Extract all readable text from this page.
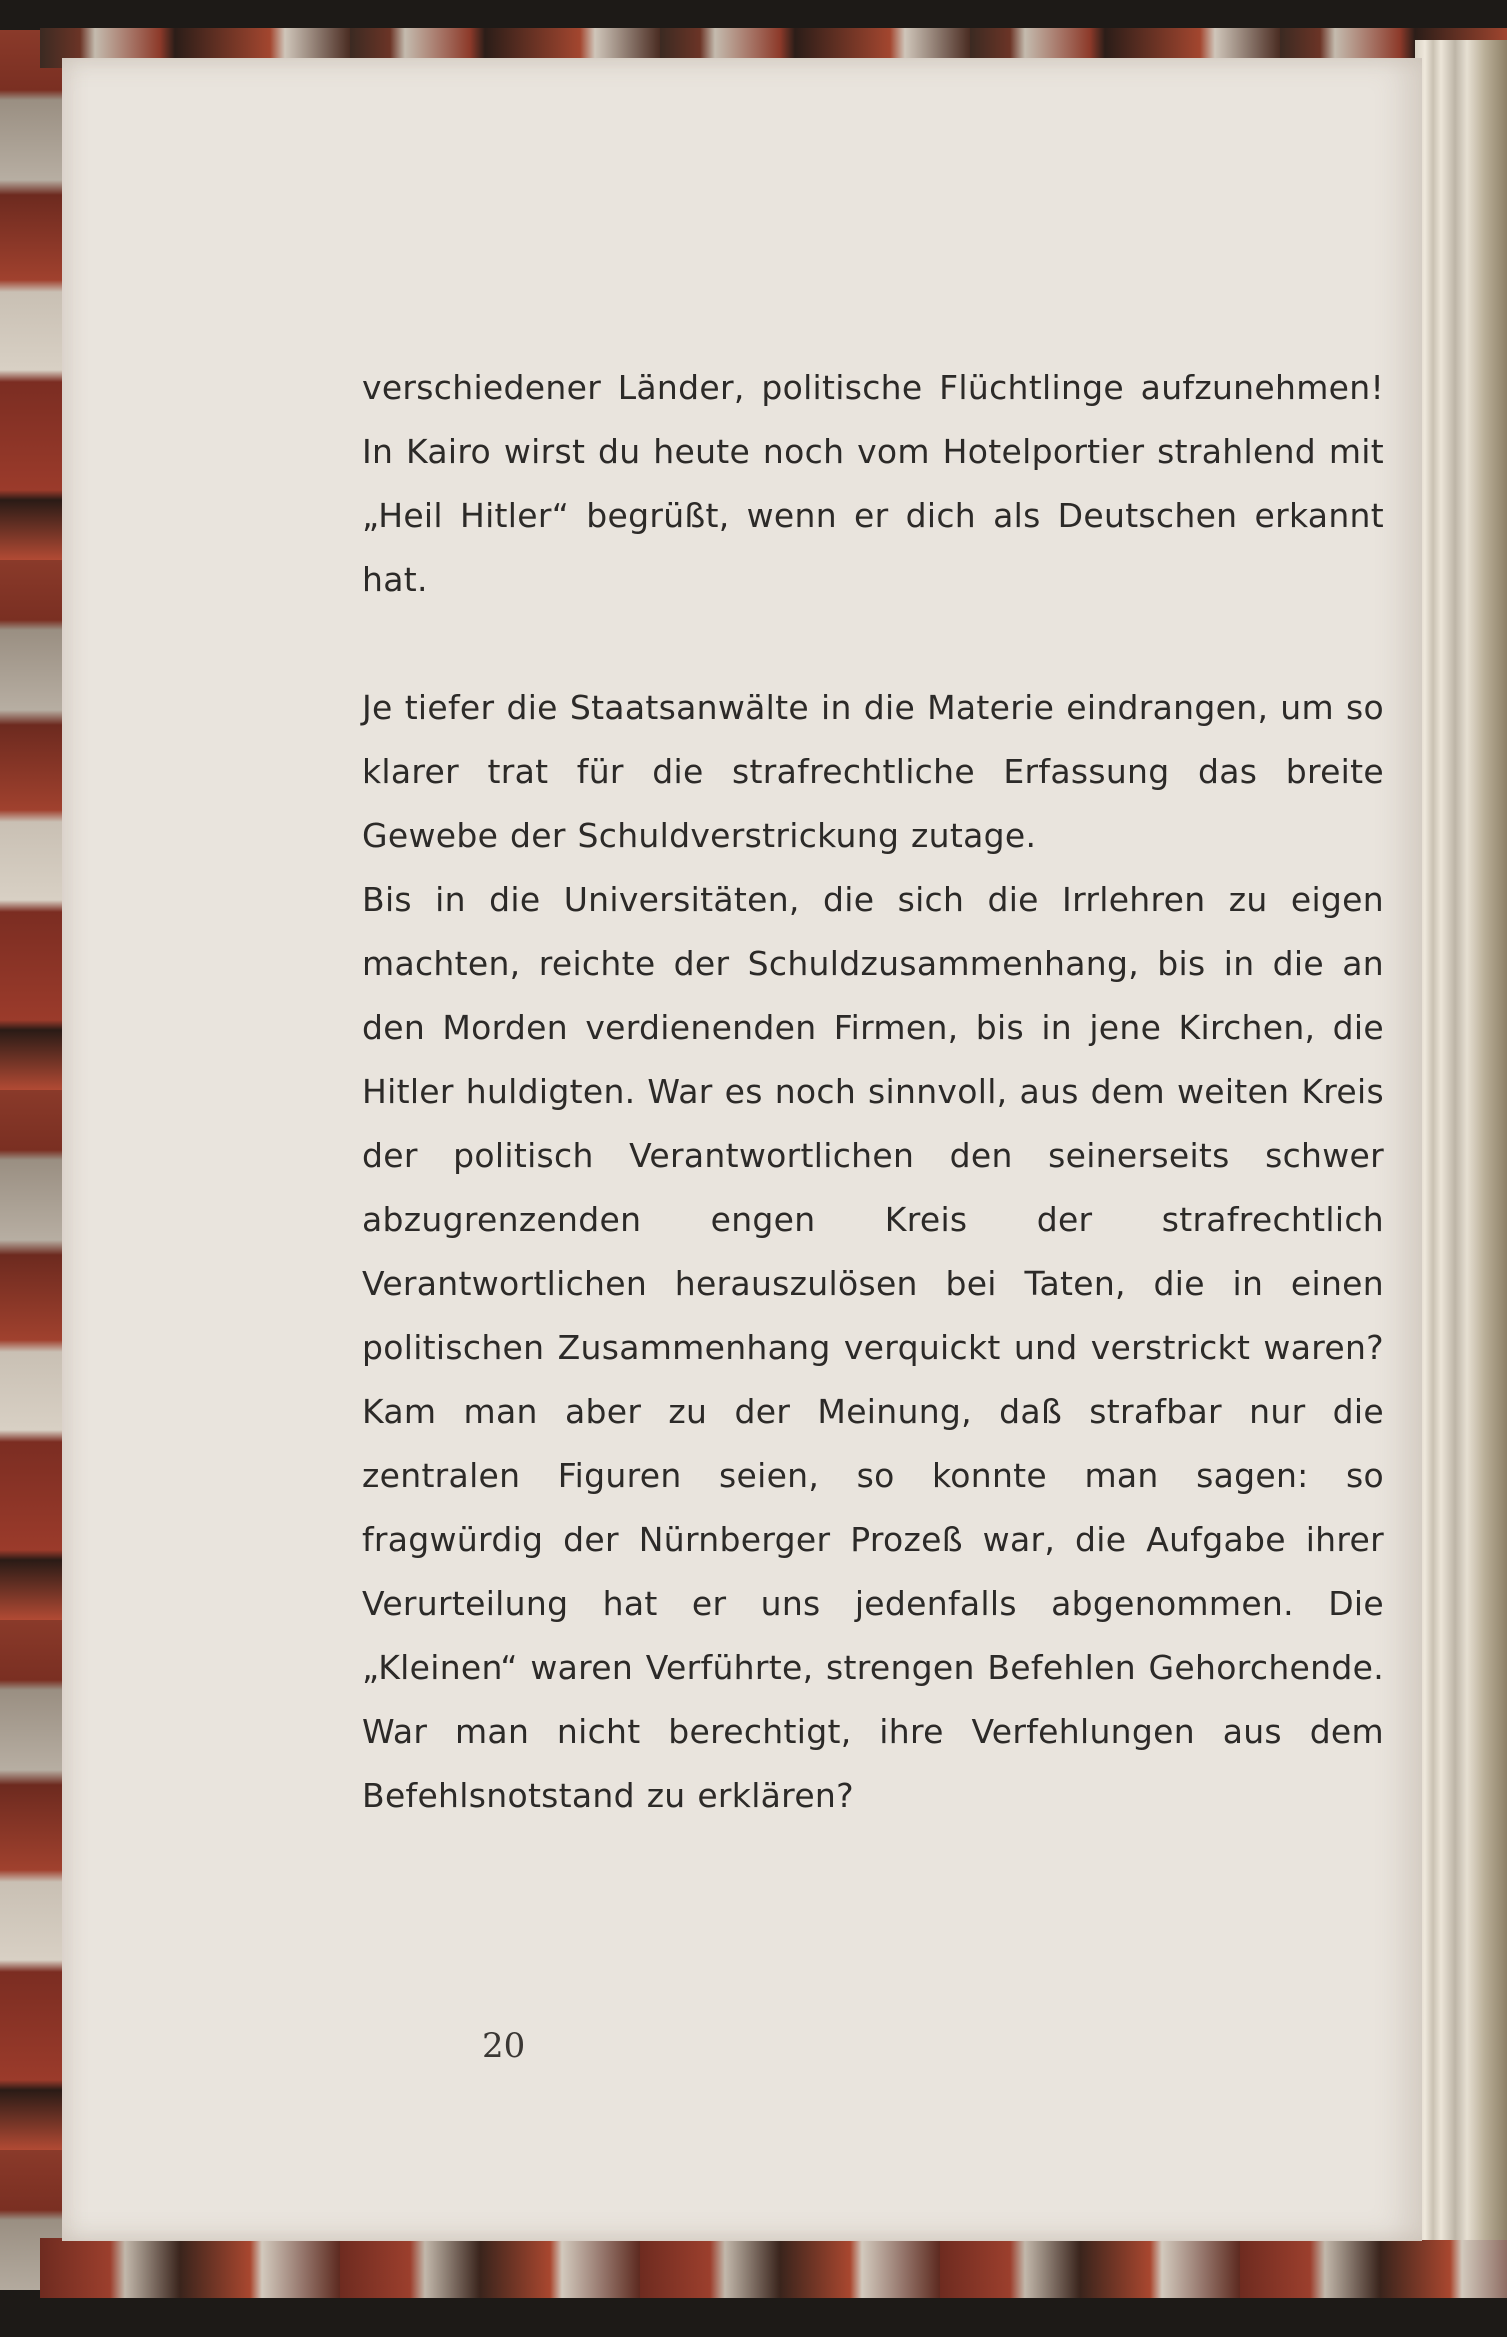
verschiedener Länder, politische Flüchtlinge aufzunehmen! In Kairo wirst du heute noch vom Hotelportier strahlend mit „Heil Hitler“ begrüßt, wenn er dich als Deutschen erkannt hat.

Je tiefer die Staatsanwälte in die Materie eindrangen, um so klarer trat für die strafrechtliche Erfassung das breite Gewebe der Schuldverstrickung zutage.

Bis in die Universitäten, die sich die Irrlehren zu eigen machten, reichte der Schuldzusammenhang, bis in die an den Morden verdienenden Firmen, bis in jene Kirchen, die Hitler huldigten. War es noch sinnvoll, aus dem weiten Kreis der politisch Verantwortlichen den seinerseits schwer abzugrenzenden engen Kreis der strafrechtlich Verantwortlichen herauszulösen bei Taten, die in einen politischen Zusammenhang verquickt und verstrickt waren? Kam man aber zu der Meinung, daß strafbar nur die zentralen Figuren seien, so konnte man sagen: so fragwürdig der Nürnberger Prozeß war, die Aufgabe ihrer Verurteilung hat er uns jedenfalls abgenommen. Die „Kleinen“ waren Verführte, strengen Befehlen Gehorchende. War man nicht berechtigt, ihre Verfehlungen aus dem Befehlsnotstand zu erklären?

20
